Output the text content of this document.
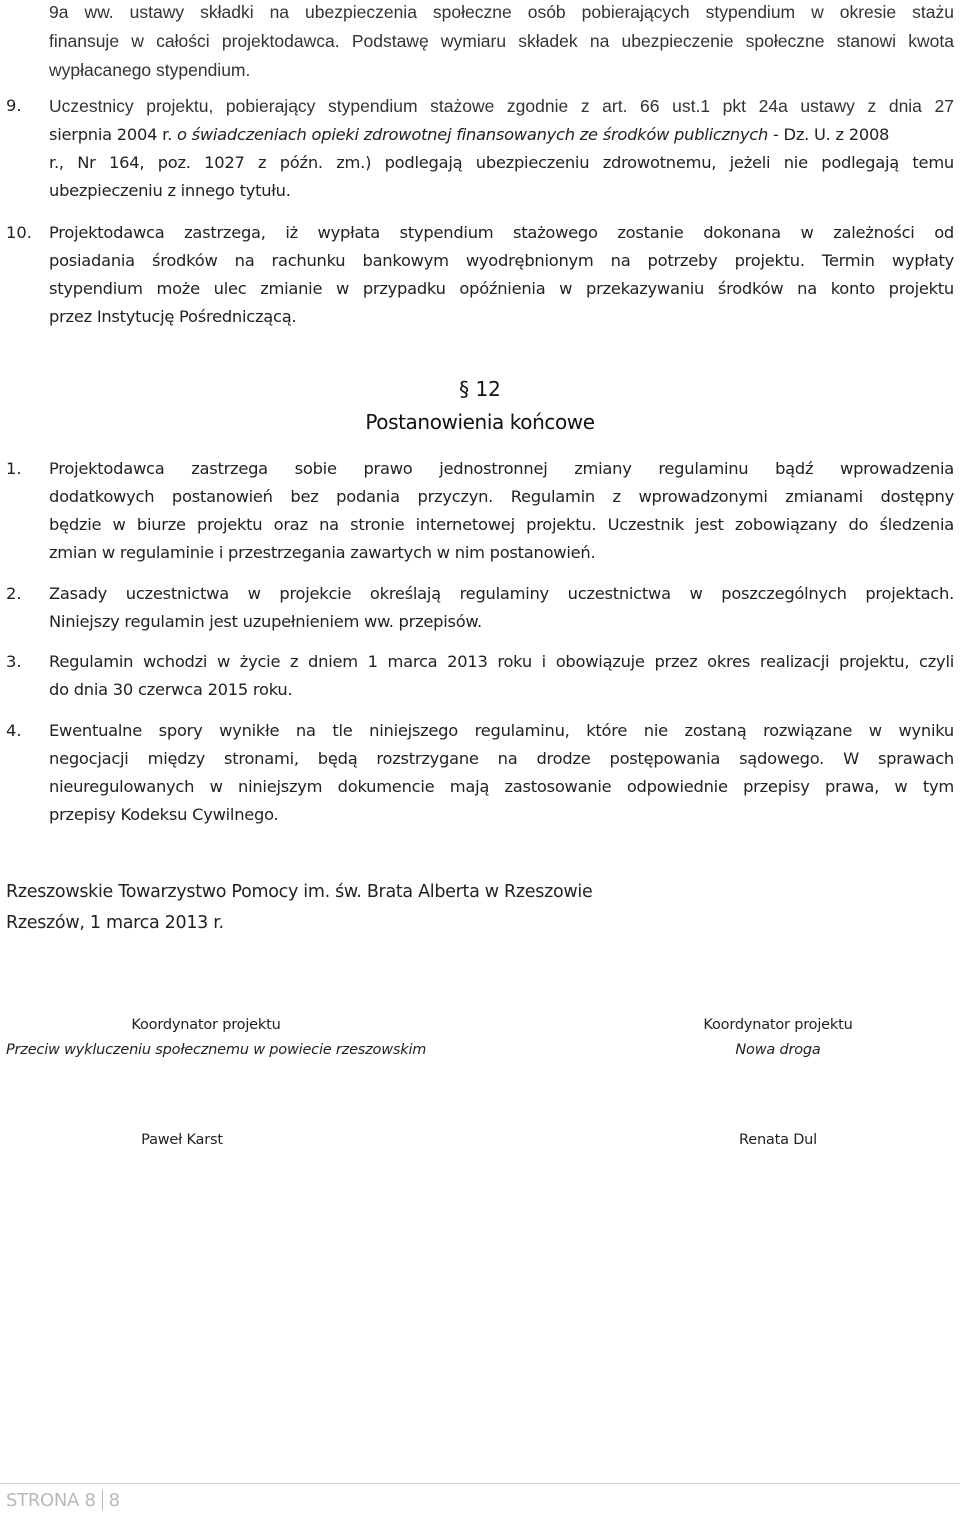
9a ww. ustawy składki na ubezpieczenia społeczne osób pobierających stypendium w okresie stażu
finansuje w całości projektodawca. Podstawę wymiaru składek na ubezpieczenie społeczne stanowi kwota
wypłacanego stypendium.
9. Uczestnicy projektu, pobierający stypendium stażowe zgodnie z art. 66 ust.1 pkt 24a ustawy z dnia 27
sierpnia 2004 r. o świadczeniach opieki zdrowotnej finansowanych ze środków publicznych - Dz. U. z 2008
r., Nr 164, poz. 1027 z późn. zm.) podlegają ubezpieczeniu zdrowotnemu, jeżeli nie podlegają temu
ubezpieczeniu z innego tytułu.
10. Projektodawca zastrzega, iż wypłata stypendium stażowego zostanie dokonana w zależności od
posiadania środków na rachunku bankowym wyodrębnionym na potrzeby projektu. Termin wypłaty
stypendium może ulec zmianie w przypadku opóźnienia w przekazywaniu środków na konto projektu
przez Instytucję Pośredniczącą.
§ 12
Postanowienia końcowe
1. Projektodawca zastrzega sobie prawo jednostronnej zmiany regulaminu bądź wprowadzenia
dodatkowych postanowień bez podania przyczyn. Regulamin z wprowadzonymi zmianami dostępny
będzie w biurze projektu oraz na stronie internetowej projektu. Uczestnik jest zobowiązany do śledzenia
zmian w regulaminie i przestrzegania zawartych w nim postanowień.
2. Zasady uczestnictwa w projekcie określają regulaminy uczestnictwa w poszczególnych projektach.
Niniejszy regulamin jest uzupełnieniem ww. przepisów.
3. Regulamin wchodzi w życie z dniem 1 marca 2013 roku i obowiązuje przez okres realizacji projektu, czyli
do dnia 30 czerwca 2015 roku.
4. Ewentualne spory wynikłe na tle niniejszego regulaminu, które nie zostaną rozwiązane w wyniku
negocjacji między stronami, będą rozstrzygane na drodze postępowania sądowego. W sprawach
nieuregulowanych w niniejszym dokumencie mają zastosowanie odpowiednie przepisy prawa, w tym
przepisy Kodeksu Cywilnego.
Rzeszowskie Towarzystwo Pomocy im. św. Brata Alberta w Rzeszowie
Rzeszów, 1 marca 2013 r.
Koordynator projektu
Przeciw wykluczeniu społecznemu w powiecie rzeszowskim
Paweł Karst
Koordynator projektu
Nowa droga
Renata Dul
STRONA 8 8
